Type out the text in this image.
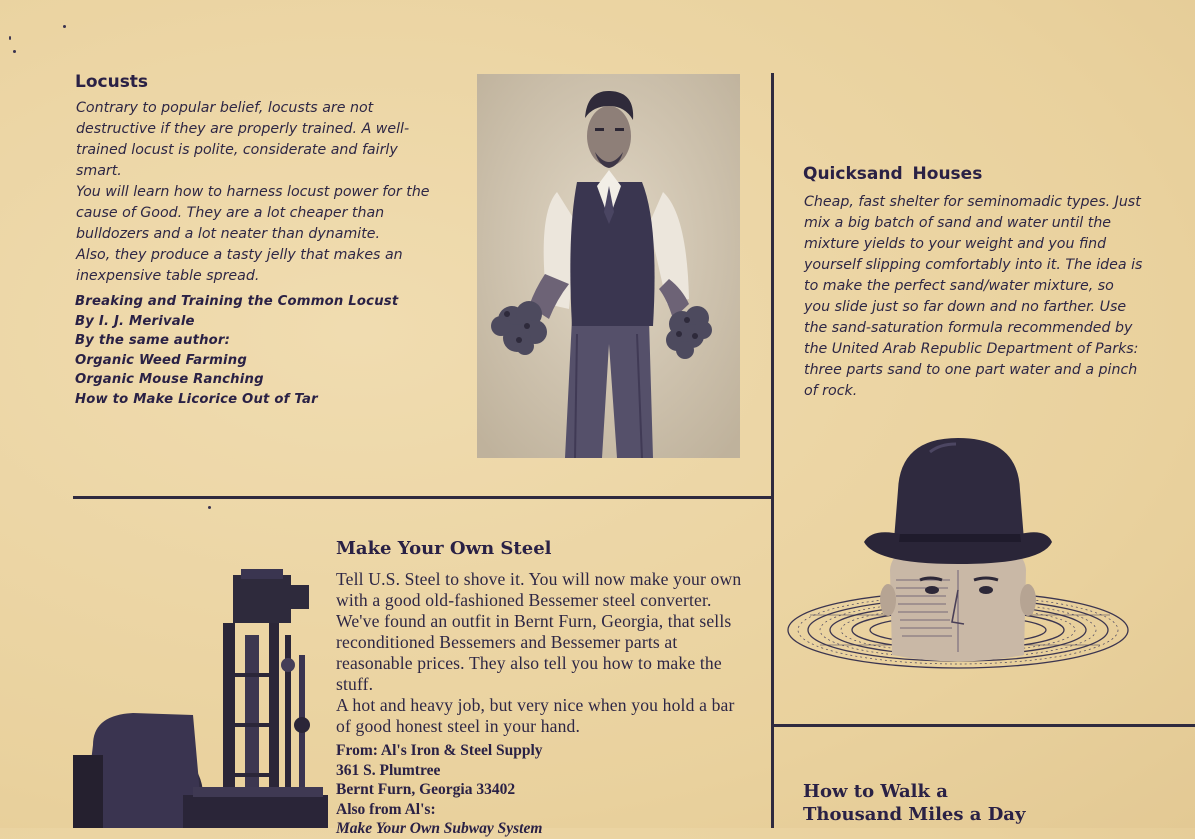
Locusts

Contrary to popular belief, locusts are not destructive if they are properly trained. A well-trained locust is polite, considerate and fairly smart.

You will learn how to harness locust power for the cause of Good. They are a lot cheaper than bulldozers and a lot neater than dynamite.

Also, they produce a tasty jelly that makes an inexpensive table spread.

Breaking and Training the Common Locust
By I. J. Merivale
By the same author:
Organic Weed Farming
Organic Mouse Ranching
How to Make Licorice Out of Tar
Quicksand Houses
Cheap, fast shelter for seminomadic types. Just mix a big batch of sand and water until the mixture yields to your weight and you find yourself slipping comfortably into it. The idea is to make the perfect sand/water mixture, so you slide just so far down and no farther. Use the sand-saturation formula recommended by the United Arab Republic Department of Parks: three parts sand to one part water and a pinch of rock.
Make Your Own Steel

Tell U.S. Steel to shove it. You will now make your own with a good old-fashioned Bessemer steel converter. We've found an outfit in Bernt Furn, Georgia, that sells reconditioned Bessemers and Bessemer parts at reasonable prices. They also tell you how to make the stuff.

A hot and heavy job, but very nice when you hold a bar of good honest steel in your hand.

From: Al's Iron & Steel Supply
361 S. Plumtree
Bernt Furn, Georgia 33402
Also from Al's:
Make Your Own Subway System
How to Walk a
Thousand Miles a Day
